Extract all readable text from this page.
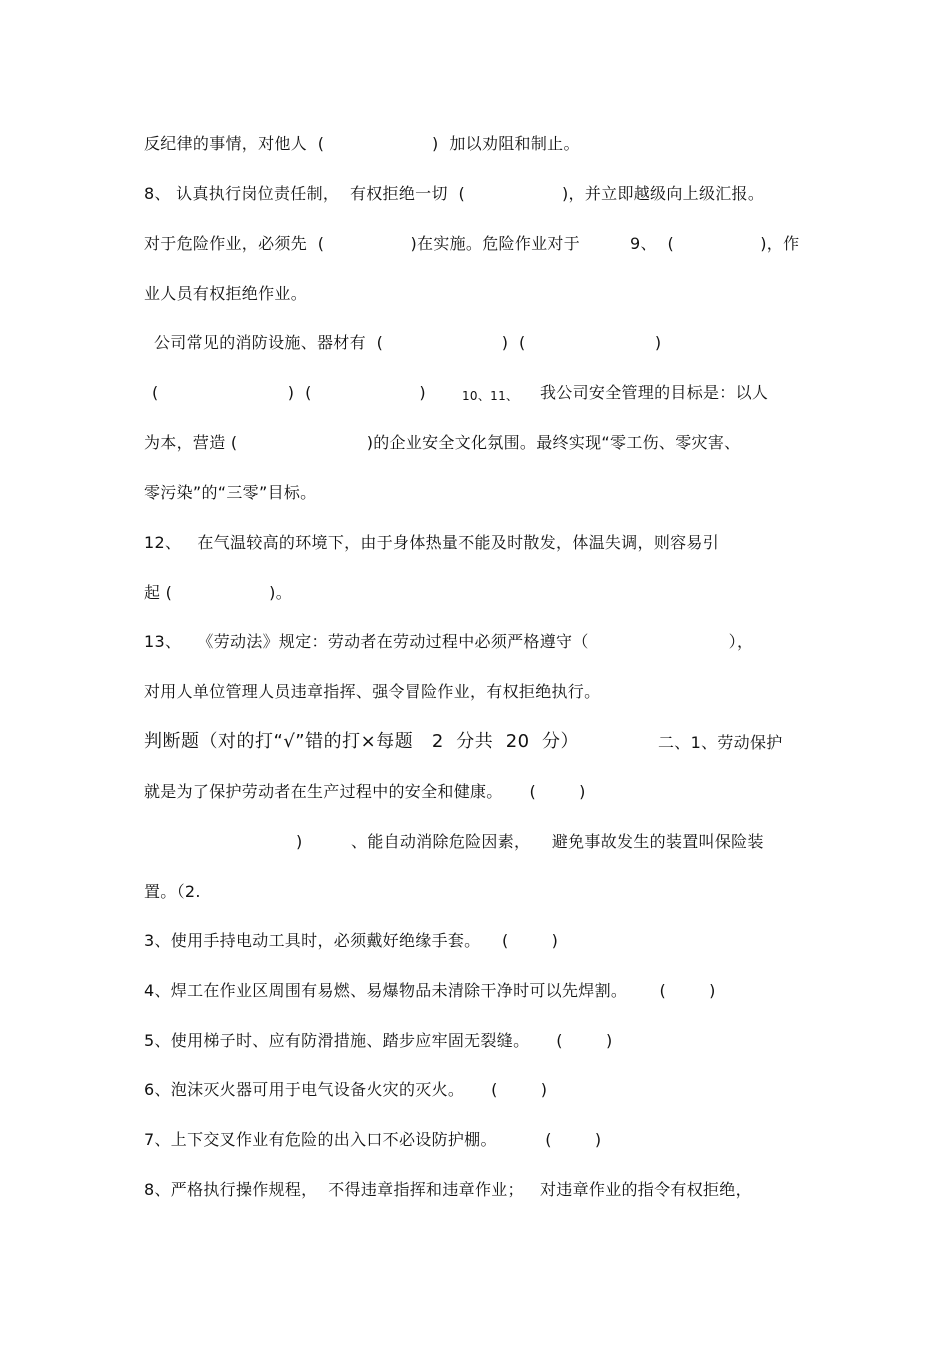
反纪律的事情，对他人  (                    )  加以劝阻和制止。
8、 认真执行岗位责任制，  有权拒绝一切  (                  )，并立即越级向上级汇报。
对于危险作业，必须先  (                )在实施。危险作业对于	9、  (                )，作
业人员有权拒绝作业。
公司常见的消防设施、器材有  (                      )  (                        )
(                        )  (                    )	10、11、 我公司安全管理的目标是：以人
为本，营造 (                        )的企业安全文化氛围。最终实现“零工伤、零灾害、
零污染”的“三零”目标。
12、   在气温较高的环境下，由于身体热量不能及时散发，体温失调，则容易引
起 (                  )。
13、   《劳动法》规定：劳动者在劳动过程中必须严格遵守（                          ），
对用人单位管理人员违章指挥、强令冒险作业，有权拒绝执行。
判断题（对的打“√”错的打×每题   2  分共  20  分）	二、1、劳动保护
就是为了保护劳动者在生产过程中的安全和健康。     (        )
)         、能自动消除危险因素，    避免事故发生的装置叫保险装
置。（2.
3、使用手持电动工具时，必须戴好绝缘手套。    (        )
4、焊工在作业区周围有易燃、易爆物品未清除干净时可以先焊割。      (        )
5、使用梯子时、应有防滑措施、踏步应牢固无裂缝。     (        )
6、泡沫灭火器可用于电气设备火灾的灭火。     (        )
7、上下交叉作业有危险的出入口不必设防护棚。         (        )
8、严格执行操作规程，  不得违章指挥和违章作业；   对违章作业的指令有权拒绝，
